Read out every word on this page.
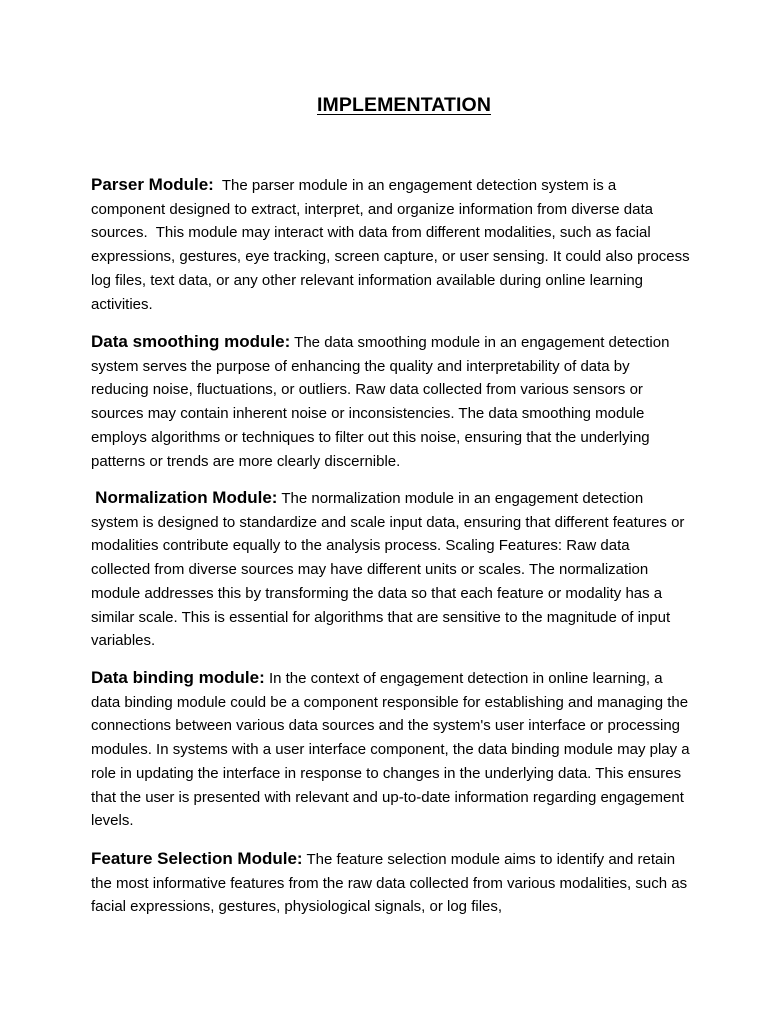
IMPLEMENTATION

Parser Module:  The parser module in an engagement detection system is a component designed to extract, interpret, and organize information from diverse data sources.  This module may interact with data from different modalities, such as facial expressions, gestures, eye tracking, screen capture, or user sensing. It could also process log files, text data, or any other relevant information available during online learning activities.

Data smoothing module: The data smoothing module in an engagement detection system serves the purpose of enhancing the quality and interpretability of data by reducing noise, fluctuations, or outliers. Raw data collected from various sensors or sources may contain inherent noise or inconsistencies. The data smoothing module employs algorithms or techniques to filter out this noise, ensuring that the underlying patterns or trends are more clearly discernible.

Normalization Module: The normalization module in an engagement detection system is designed to standardize and scale input data, ensuring that different features or modalities contribute equally to the analysis process. Scaling Features: Raw data collected from diverse sources may have different units or scales. The normalization module addresses this by transforming the data so that each feature or modality has a similar scale. This is essential for algorithms that are sensitive to the magnitude of input variables.

Data binding module: In the context of engagement detection in online learning, a data binding module could be a component responsible for establishing and managing the connections between various data sources and the system's user interface or processing modules. In systems with a user interface component, the data binding module may play a role in updating the interface in response to changes in the underlying data. This ensures that the user is presented with relevant and up-to-date information regarding engagement levels.

Feature Selection Module: The feature selection module aims to identify and retain the most informative features from the raw data collected from various modalities, such as facial expressions, gestures, physiological signals, or log files,
